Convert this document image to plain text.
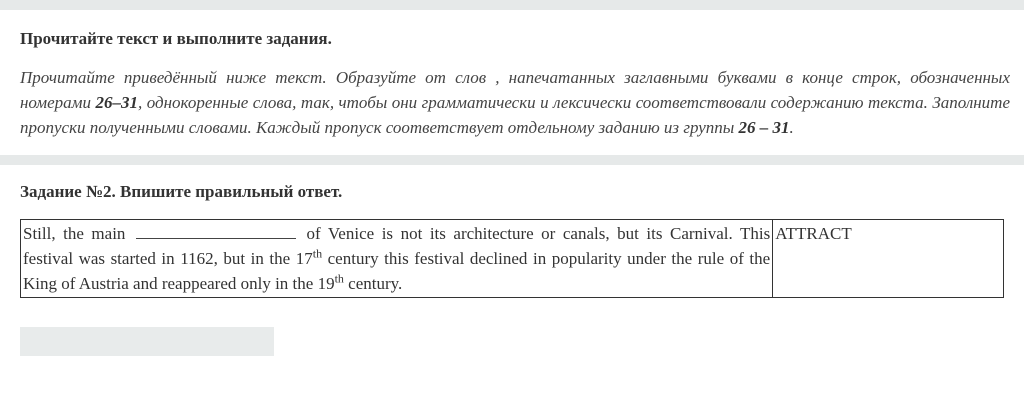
Прочитайте текст и выполните задания.
Прочитайте приведённый ниже текст. Образуйте от слов , напечатанных заглавными буквами в конце строк, обозначенных номерами 26–31, однокоренные слова, так, чтобы они грамматически и лексически соответствовали содержанию текста. Заполните пропуски полученными словами. Каждый пропуск соответствует отдельному заданию из группы 26 – 31.
Задание №2. Впишите правильный ответ.
Still, the main	of Venice is not its architecture or canals, but its Carnival. This festival was started in 1162, but in the 17th century this festival declined in popularity under the rule of the King of Austria and reappeared only in the 19th century.	ATTRACT
